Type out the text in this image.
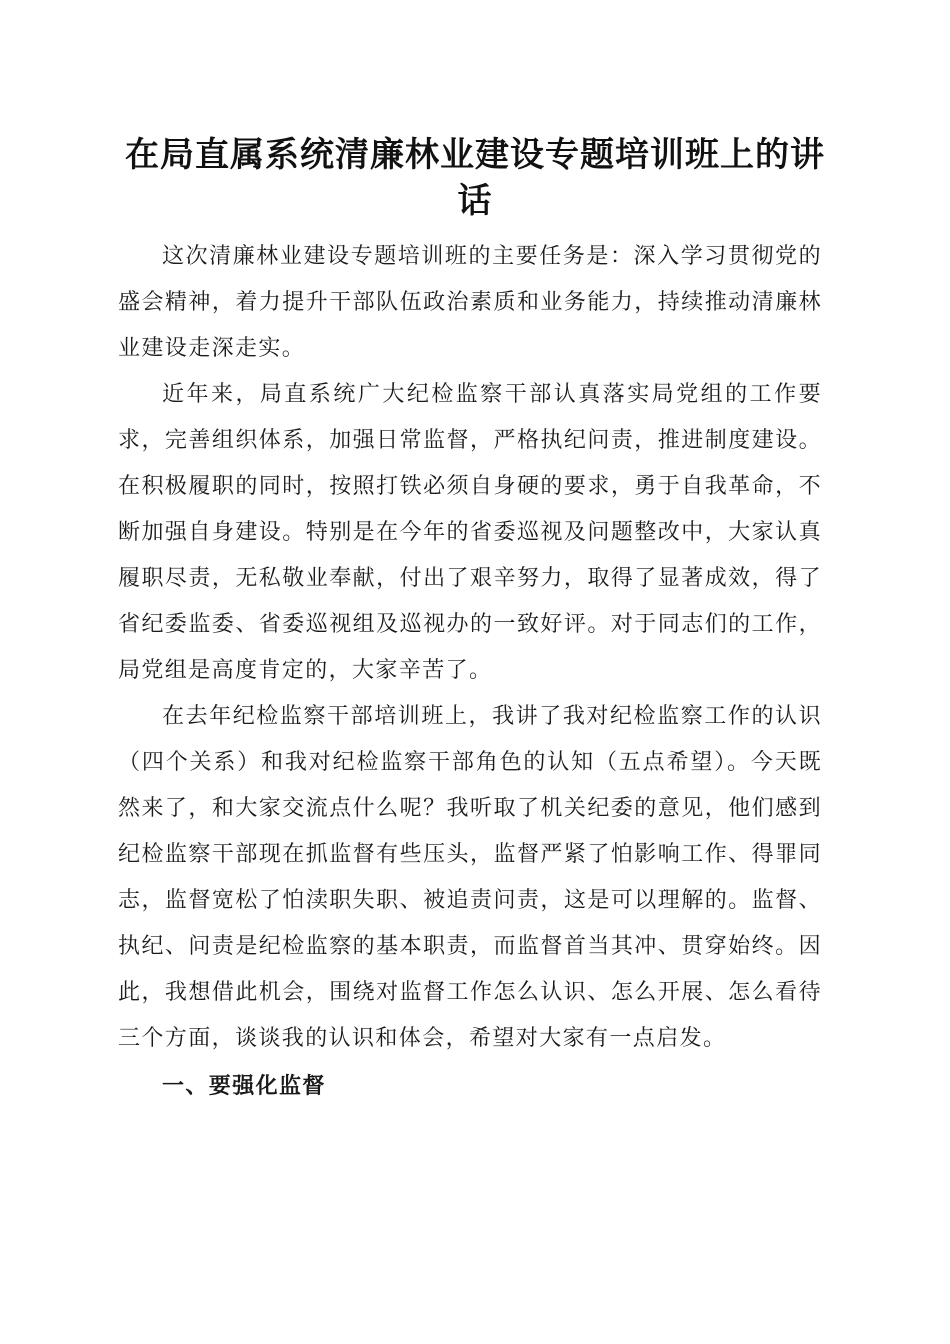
在局直属系统清廉林业建设专题培训班上的讲话

这次清廉林业建设专题培训班的主要任务是：深入学习贯彻党的盛会精神，着力提升干部队伍政治素质和业务能力，持续推动清廉林业建设走深走实。

近年来，局直系统广大纪检监察干部认真落实局党组的工作要求，完善组织体系，加强日常监督，严格执纪问责，推进制度建设。在积极履职的同时，按照打铁必须自身硬的要求，勇于自我革命，不断加强自身建设。特别是在今年的省委巡视及问题整改中，大家认真履职尽责，无私敬业奉献，付出了艰辛努力，取得了显著成效，得了省纪委监委、省委巡视组及巡视办的一致好评。对于同志们的工作，局党组是高度肯定的，大家辛苦了。

在去年纪检监察干部培训班上，我讲了我对纪检监察工作的认识（四个关系）和我对纪检监察干部角色的认知（五点希望）。今天既然来了，和大家交流点什么呢？我听取了机关纪委的意见，他们感到纪检监察干部现在抓监督有些压头，监督严紧了怕影响工作、得罪同志，监督宽松了怕渎职失职、被追责问责，这是可以理解的。监督、执纪、问责是纪检监察的基本职责，而监督首当其冲、贯穿始终。因此，我想借此机会，围绕对监督工作怎么认识、怎么开展、怎么看待三个方面，谈谈我的认识和体会，希望对大家有一点启发。

一、要强化监督
